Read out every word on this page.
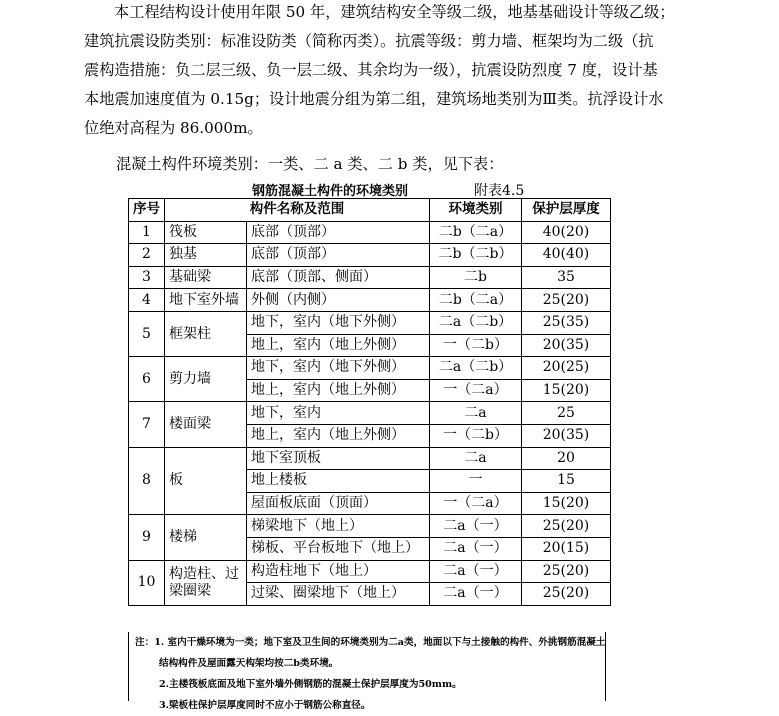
本工程结构设计使用年限 50 年，建筑结构安全等级二级，地基基础设计等级乙级；

建筑抗震设防类别：标准设防类（简称丙类）。抗震等级：剪力墙、框架均为二级（抗

震构造措施：负二层三级、负一层二级、其余均为一级），抗震设防烈度 7 度，设计基

本地震加速度值为 0.15g；设计地震分组为第二组，建筑场地类别为Ⅲ类。抗浮设计水

位绝对高程为 86.000m。

混凝土构件环境类别：一类、二 a 类、二 b 类，见下表：
钢筋混凝土构件的环境类别	附表4.5
序号	构件名称及范围		环境类别	保护层厚度
1	筏板	底部（顶部）	二b（二a）	40(20)
2	独基	底部（顶部）	二b（二b）	40(40)
3	基础梁	底部（顶部、侧面）	二b	35
4	地下室外墙	外侧（内侧）	二b（二a）	25(20)
5	框架柱	地下，室内（地下外侧）	二a（二b）	25(35)
		地上，室内（地上外侧）	一（二b）	20(35)
6	剪力墙	地下，室内（地下外侧）	二a（二b）	20(25)
		地上，室内（地上外侧）	一（二a）	15(20)
7	楼面梁	地下，室内	二a	25
		地上，室内（地上外侧）	一（二b）	20(35)
8	板	地下室顶板	二a	20
		地上楼板	一	15
		屋面板底面（顶面）	一（二a）	15(20)
9	楼梯	梯梁地下（地上）	二a（一）	25(20)
		梯板、平台板地下（地上）	二a（一）	20(15)
10	构造柱、过梁圈梁	构造柱地下（地上）	二a（一）	25(20)
		过梁、圈梁地下（地上）	二a（一）	25(20)
注：1. 室内干燥环境为一类；地下室及卫生间的环境类别为二a类，地面以下与土接触的构件、外挑钢筋混凝土
结构构件及屋面露天构架均按二b类环境。
2.主楼筏板底面及地下室外墙外侧钢筋的混凝土保护层厚度为50mm。
3.梁板柱保护层厚度同时不应小于钢筋公称直径。
